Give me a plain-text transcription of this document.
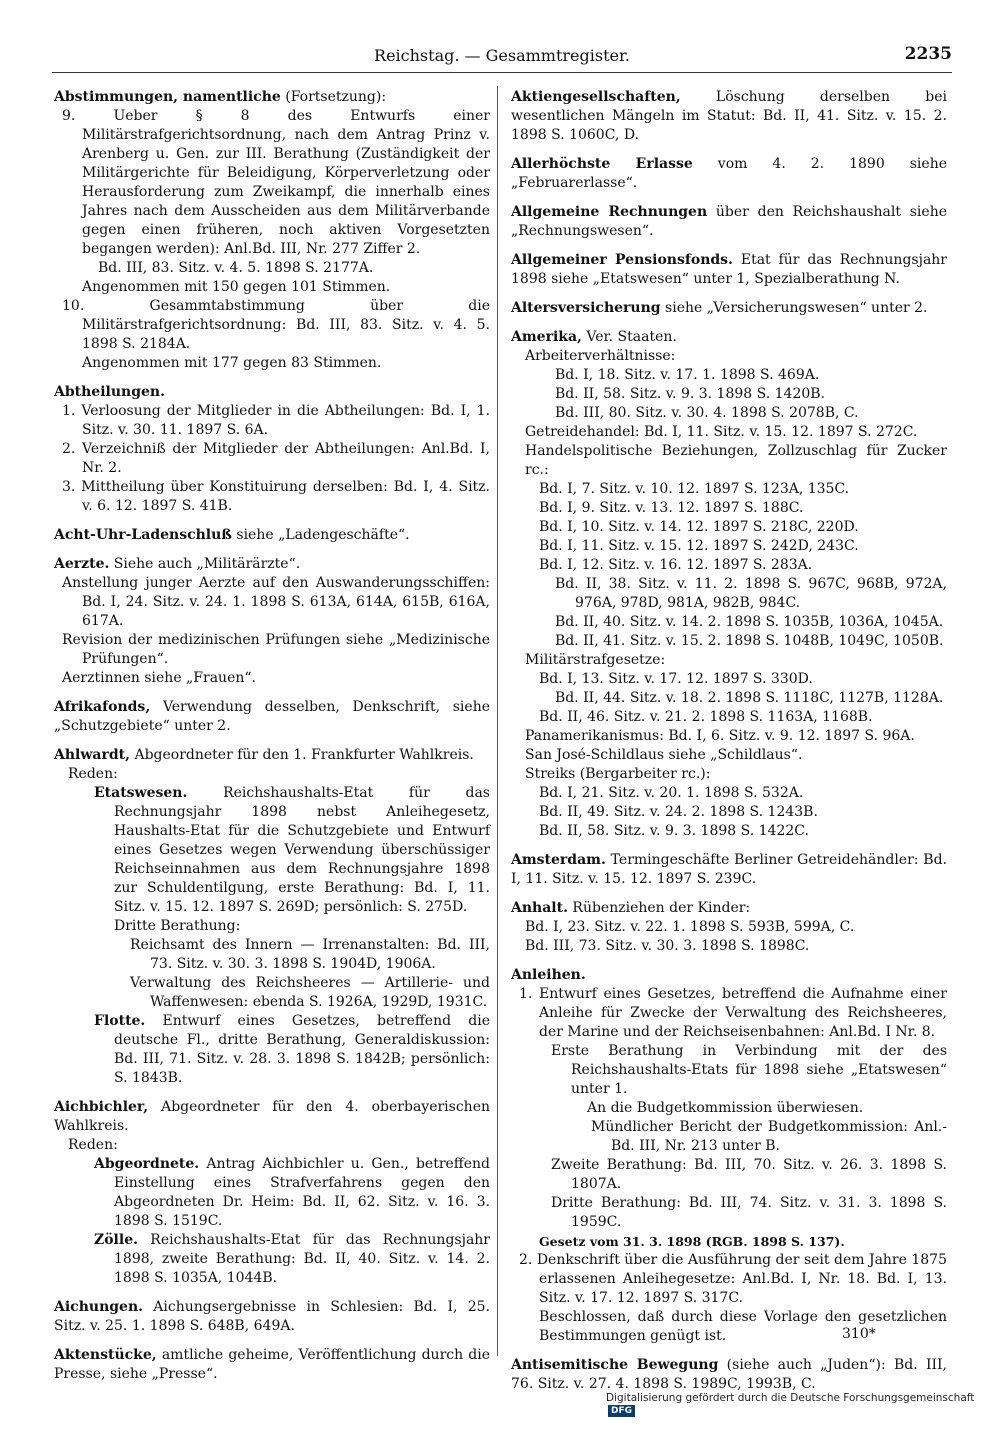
Reichstag. — Gesammtregister.	2235
Abstimmungen, namentliche (Fortsetzung):
9. Ueber § 8 des Entwurfs einer Militärstrafgerichtsordnung, nach dem Antrag Prinz v. Arenberg u. Gen. zur III. Berathung (Zuständigkeit der Militärgerichte für Beleidigung, Körperverletzung oder Herausforderung zum Zweikampf, die innerhalb eines Jahres nach dem Ausscheiden aus dem Militärverbande gegen einen früheren, noch aktiven Vorgesetzten begangen werden): Anl.Bd. III, Nr. 277 Ziffer 2.
Bd. III, 83. Sitz. v. 4. 5. 1898 S. 2177A.
Angenommen mit 150 gegen 101 Stimmen.
10. Gesammtabstimmung über die Militärstrafgerichtsordnung: Bd. III, 83. Sitz. v. 4. 5. 1898 S. 2184A.
Angenommen mit 177 gegen 83 Stimmen.
Abtheilungen.
1. Verloosung der Mitglieder in die Abtheilungen: Bd. I, 1. Sitz. v. 30. 11. 1897 S. 6A.
2. Verzeichniß der Mitglieder der Abtheilungen: Anl.Bd. I, Nr. 2.
3. Mittheilung über Konstituirung derselben: Bd. I, 4. Sitz. v. 6. 12. 1897 S. 41B.
Acht-Uhr-Ladenschluß siehe „Ladengeschäfte“.
Aerzte. Siehe auch „Militärärzte“.
Anstellung junger Aerzte auf den Auswanderungsschiffen: Bd. I, 24. Sitz. v. 24. 1. 1898 S. 613A, 614A, 615B, 616A, 617A.
Revision der medizinischen Prüfungen siehe „Medizinische Prüfungen“.
Aerztinnen siehe „Frauen“.
Afrikafonds, Verwendung desselben, Denkschrift, siehe „Schutzgebiete“ unter 2.
Ahlwardt, Abgeordneter für den 1. Frankfurter Wahlkreis.
Reden:
Etatswesen.	Reichshaushalts-Etat für das Rechnungsjahr 1898 nebst Anleihegesetz, Haushalts-Etat für die Schutzgebiete und Entwurf eines Gesetzes wegen Verwendung überschüssiger Reichseinnahmen aus dem Rechnungsjahre 1898 zur Schuldentilgung, erste Berathung: Bd. I, 11. Sitz. v. 15. 12. 1897 S. 269D; persönlich: S. 275D.
Dritte Berathung:
Reichsamt des Innern — Irrenanstalten: Bd. III, 73. Sitz. v. 30. 3. 1898 S. 1904D, 1906A.
Verwaltung des Reichsheeres — Artillerie- und Waffenwesen: ebenda S. 1926A, 1929D, 1931C.
Flotte. Entwurf eines Gesetzes, betreffend die deutsche Fl., dritte Berathung, Generaldiskussion: Bd. III, 71. Sitz. v. 28. 3. 1898 S. 1842B; persönlich: S. 1843B.
Aichbichler, Abgeordneter für den 4. oberbayerischen Wahlkreis.
Reden:
Abgeordnete. Antrag Aichbichler u. Gen., betreffend Einstellung eines Strafverfahrens gegen den Abgeordneten Dr. Heim: Bd. II, 62. Sitz. v. 16. 3. 1898 S. 1519C.
Zölle. Reichshaushalts-Etat für das Rechnungsjahr 1898, zweite Berathung: Bd. II, 40. Sitz. v. 14. 2. 1898 S. 1035A, 1044B.
Aichungen. Aichungsergebnisse in Schlesien: Bd. I, 25. Sitz. v. 25. 1. 1898 S. 648B, 649A.
Aktenstücke, amtliche geheime, Veröffentlichung durch die Presse, siehe „Presse“.
Aktiengesellschaften,	Löschung derselben bei wesentlichen Mängeln im Statut: Bd. II, 41. Sitz. v. 15. 2. 1898 S. 1060C, D.
Allerhöchste Erlasse vom 4. 2. 1890 siehe „Februarerlasse“.
Allgemeine Rechnungen über den Reichshaushalt siehe „Rechnungswesen“.
Allgemeiner Pensionsfonds. Etat für das Rechnungsjahr 1898 siehe „Etatswesen“ unter 1, Spezialberathung N.
Altersversicherung siehe „Versicherungswesen“ unter 2.
Amerika, Ver. Staaten.
Arbeiterverhältnisse:
Bd. I, 18. Sitz. v. 17. 1. 1898 S. 469A.
Bd. II, 58. Sitz. v. 9. 3. 1898 S. 1420B.
Bd. III, 80. Sitz. v. 30. 4. 1898 S. 2078B, C.
Getreidehandel: Bd. I, 11. Sitz. v. 15. 12. 1897 S. 272C.
Handelspolitische Beziehungen, Zollzuschlag für Zucker rc.:
Bd. I, 7. Sitz. v. 10. 12. 1897 S. 123A, 135C.
Bd. I, 9. Sitz. v. 13. 12. 1897 S. 188C.
Bd. I, 10. Sitz. v. 14. 12. 1897 S. 218C, 220D.
Bd. I, 11. Sitz. v. 15. 12. 1897 S. 242D, 243C.
Bd. I, 12. Sitz. v. 16. 12. 1897 S. 283A.
Bd. II, 38. Sitz. v. 11. 2. 1898 S. 967C, 968B, 972A, 976A, 978D, 981A, 982B, 984C.
Bd. II, 40. Sitz. v. 14. 2. 1898 S. 1035B, 1036A, 1045A.
Bd. II, 41. Sitz. v. 15. 2. 1898 S. 1048B, 1049C, 1050B.
Militärstrafgesetze:
Bd. I, 13. Sitz. v. 17. 12. 1897 S. 330D.
Bd. II, 44. Sitz. v. 18. 2. 1898 S. 1118C, 1127B, 1128A.
Bd. II, 46. Sitz. v. 21. 2. 1898 S. 1163A, 1168B.
Panamerikanismus: Bd. I, 6. Sitz. v. 9. 12. 1897 S. 96A.
San José-Schildlaus siehe „Schildlaus“.
Streiks (Bergarbeiter rc.):
Bd. I, 21. Sitz. v. 20. 1. 1898 S. 532A.
Bd. II, 49. Sitz. v. 24. 2. 1898 S. 1243B.
Bd. II, 58. Sitz. v. 9. 3. 1898 S. 1422C.
Amsterdam. Termingeschäfte Berliner Getreidehändler: Bd. I, 11. Sitz. v. 15. 12. 1897 S. 239C.
Anhalt. Rübenziehen der Kinder:
Bd. I, 23. Sitz. v. 22. 1. 1898 S. 593B, 599A, C.
Bd. III, 73. Sitz. v. 30. 3. 1898 S. 1898C.
Anleihen.
1. Entwurf eines Gesetzes, betreffend die Aufnahme einer Anleihe für Zwecke der Verwaltung des Reichsheeres, der Marine und der Reichseisenbahnen: Anl.Bd. I Nr. 8.
Erste Berathung in Verbindung mit der des Reichshaushalts-Etats für 1898 siehe „Etatswesen“ unter 1.
An die Budgetkommission überwiesen.
Mündlicher Bericht der Budgetkommission: Anl.-Bd. III, Nr. 213 unter B.
Zweite Berathung: Bd. III, 70. Sitz. v. 26. 3. 1898 S. 1807A.
Dritte Berathung: Bd. III, 74. Sitz. v. 31. 3. 1898 S. 1959C.
Gesetz vom 31. 3. 1898 (RGB. 1898 S. 137).
2. Denkschrift über die Ausführung der seit dem Jahre 1875 erlassenen Anleihegesetze: Anl.Bd. I, Nr. 18. Bd. I, 13. Sitz. v. 17. 12. 1897 S. 317C.
Beschlossen, daß durch diese Vorlage den gesetzlichen Bestimmungen genügt ist.
Antisemitische Bewegung (siehe auch „Juden“): Bd. III, 76. Sitz. v. 27. 4. 1898 S. 1989C, 1993B, C.
310*
Digitalisierung gefördert durch die Deutsche Forschungsgemeinschaft DFG
